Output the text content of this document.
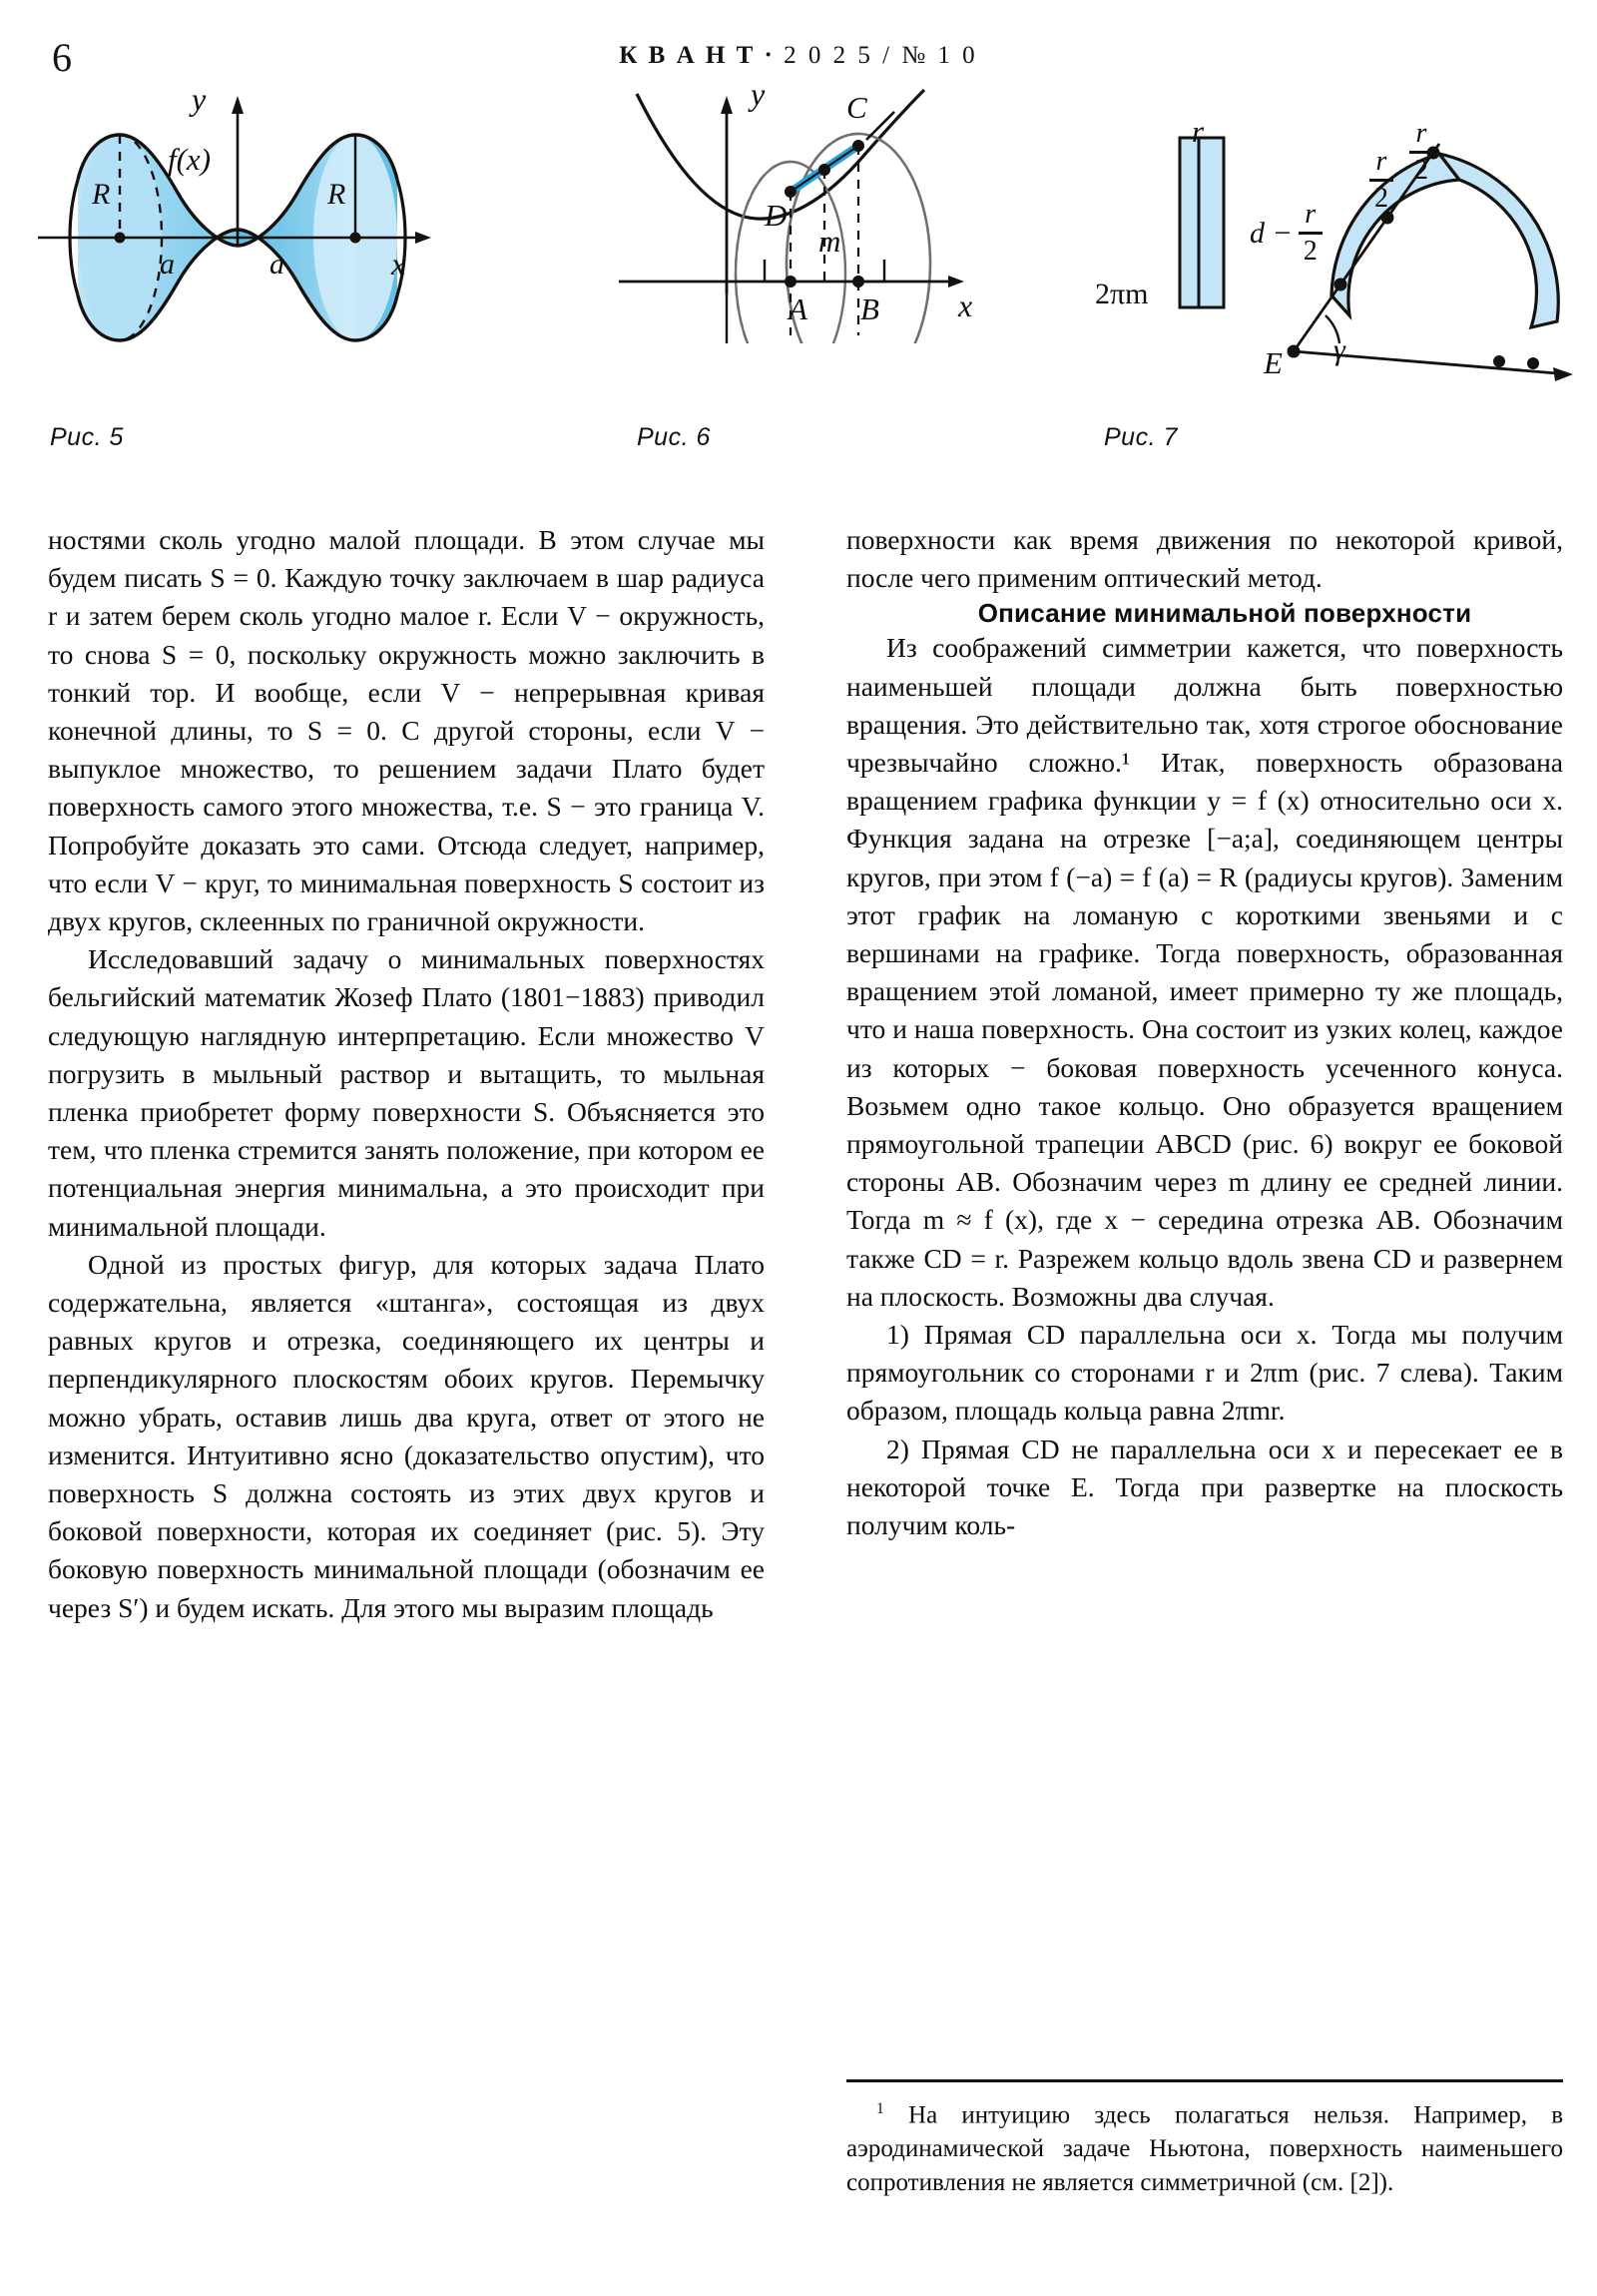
6	К В А Н Т · 2 0 2 5 / № 1 0
R	R
f(x)
a	a
y
x
Рис. 5
y
x
D
C
m
A B
Рис. 6
r
2πm
r
2
r
2
d −
r
2
E γ
Рис. 7

ностями сколь угодно малой площади. В этом случае мы будем писать S = 0. Каждую точку заключаем в шар радиуса r и затем берем сколь угодно малое r. Если V − окружность, то снова S = 0, поскольку окружность можно заключить в тонкий тор. И вообще, если V − непрерывная кривая конечной длины, то S = 0. С другой стороны, если V − выпуклое множество, то решением задачи Плато будет поверхность самого этого множества, т.е. S − это граница V. Попробуйте доказать это сами. Отсюда следует, например, что если V − круг, то минимальная поверхность S состоит из двух кругов, склеенных по граничной окружности.

Исследовавший задачу о минимальных поверхностях бельгийский математик Жозеф Плато (1801−1883) приводил следующую наглядную интерпретацию. Если множество V погрузить в мыльный раствор и вытащить, то мыльная пленка приобретет форму поверхности S. Объясняется это тем, что пленка стремится занять положение, при котором ее потенциальная энергия минимальна, а это происходит при минимальной площади.

Одной из простых фигур, для которых задача Плато содержательна, является «штанга», состоящая из двух равных кругов и отрезка, соединяющего их центры и перпендикулярного плоскостям обоих кругов. Перемычку можно убрать, оставив лишь два круга, ответ от этого не изменится. Интуитивно ясно (доказательство опустим), что поверхность S должна состоять из этих двух кругов и боковой поверхности, которая их соединяет (рис. 5). Эту боковую поверхность минимальной площади (обозначим ее через S′) и будем искать. Для этого мы выразим площадь

поверхности как время движения по некоторой кривой, после чего применим оптический метод.

Описание минимальной поверхности

Из соображений симметрии кажется, что поверхность наименьшей площади должна быть поверхностью вращения. Это действительно так, хотя строгое обоснование чрезвычайно сложно.¹ Итак, поверхность образована вращением графика функции y = f (x) относительно оси x. Функция задана на отрезке [−a;a], соединяющем центры кругов, при этом f (−a) = f (a) = R (радиусы кругов). Заменим этот график на ломаную с короткими звеньями и с вершинами на графике. Тогда поверхность, образованная вращением этой ломаной, имеет примерно ту же площадь, что и наша поверхность. Она состоит из узких колец, каждое из которых − боковая поверхность усеченного конуса. Возьмем одно такое кольцо. Оно образуется вращением прямоугольной трапеции ABCD (рис. 6) вокруг ее боковой стороны AB. Обозначим через m длину ее средней линии. Тогда m ≈ f (x), где x − середина отрезка AB. Обозначим также CD = r. Разрежем кольцо вдоль звена CD и развернем на плоскость. Возможны два случая.

1) Прямая CD параллельна оси x. Тогда мы получим прямоугольник со сторонами r и 2πm (рис. 7 слева). Таким образом, площадь кольца равна 2πmr.

2) Прямая CD не параллельна оси x и пересекает ее в некоторой точке E. Тогда при развертке на плоскость получим коль-

$^1$ На интуицию здесь полагаться нельзя. Например, в аэродинамической задаче Ньютона, поверхность наименьшего сопротивления не является симметричной (см. [2]).
